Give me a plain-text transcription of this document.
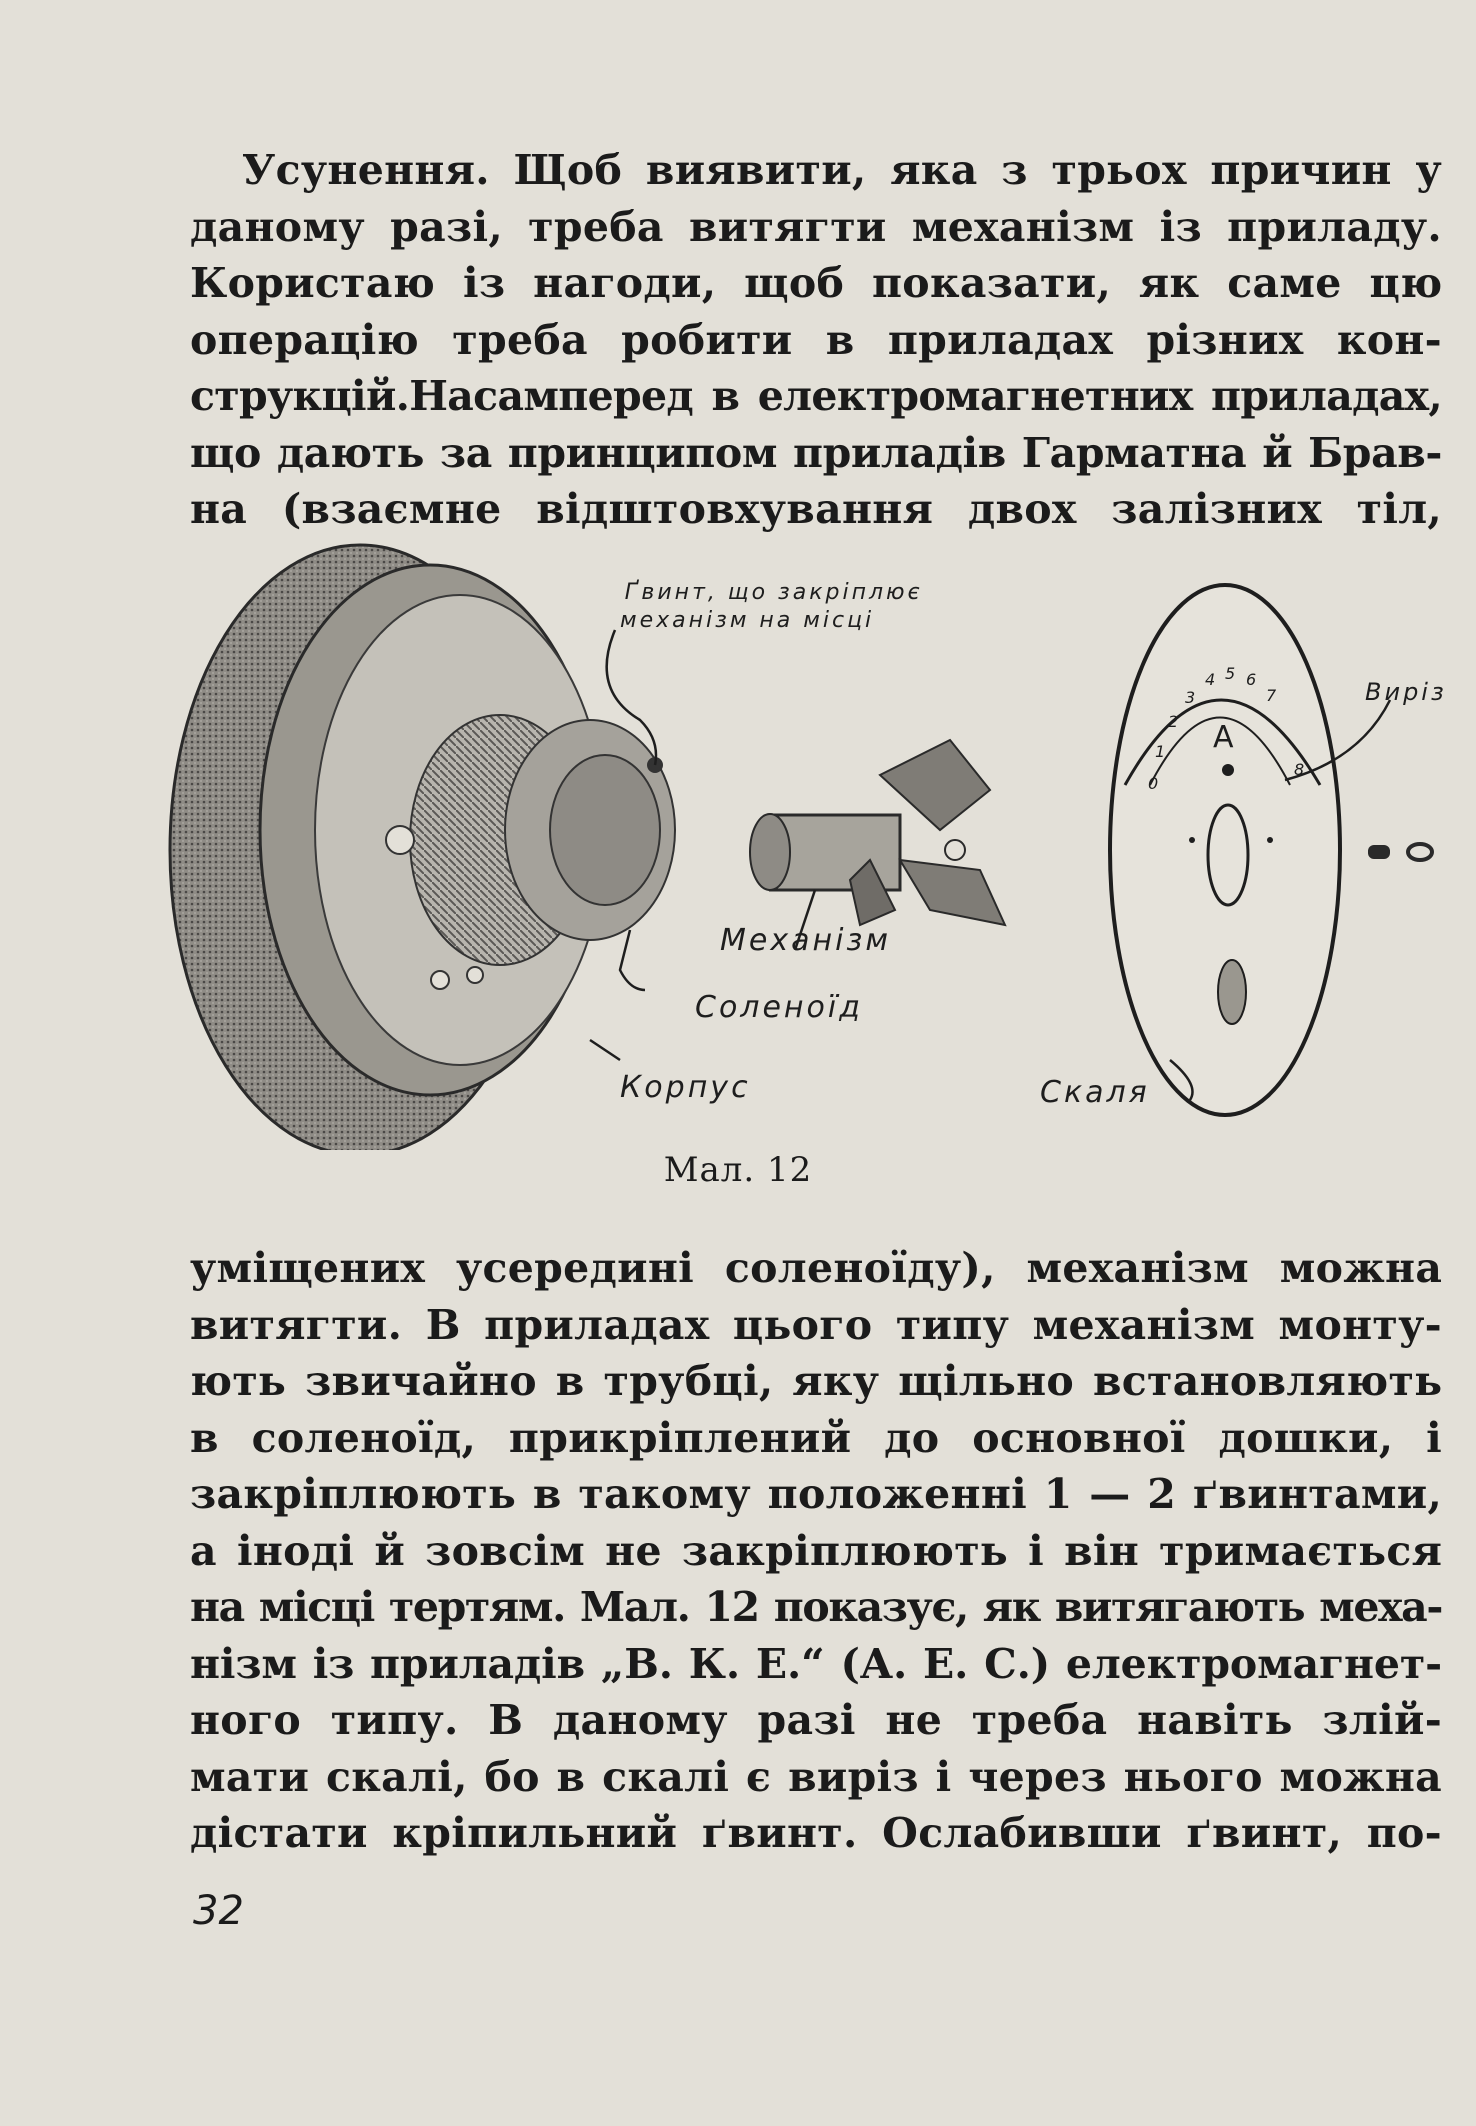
Усунення. Щоб виявити, яка з трьох причин у
даному разі, треба витягти механізм із приладу.
Користаю із нагоди, щоб показати, як саме цю
операцію треба робити в приладах різних кон-
струкцій.Насамперед в електромагнетних приладах,
що дають за принципом приладів Гарматна й Брав-
на (взаємне відштовхування двох залізних тіл,
Ґвинт, що закріплює
механізм на місці
Механізм
Соленоїд
Корпус
Виріз
Скаля
0
1
2
3
4 5 6
7
8
A
Мал. 12
уміщених усередині соленоїду), механізм можна
витягти. В приладах цього типу механізм монту-
ють звичайно в трубці, яку щільно встановляють
в соленоїд, прикріплений до основної дошки, і
закріплюють в такому положенні 1 — 2 ґвинтами,
а іноді й зовсім не закріплюють і він тримається
на місці тертям. Мал. 12 показує, як витягають меха-
нізм із приладів „В. К. Е.“ (А. Е. С.) електромагнет-
ного типу. В даному разі не треба навіть злій-
мати скалі, бо в скалі є виріз і через нього можна
дістати кріпильний ґвинт. Ослабивши ґвинт, по-
32
